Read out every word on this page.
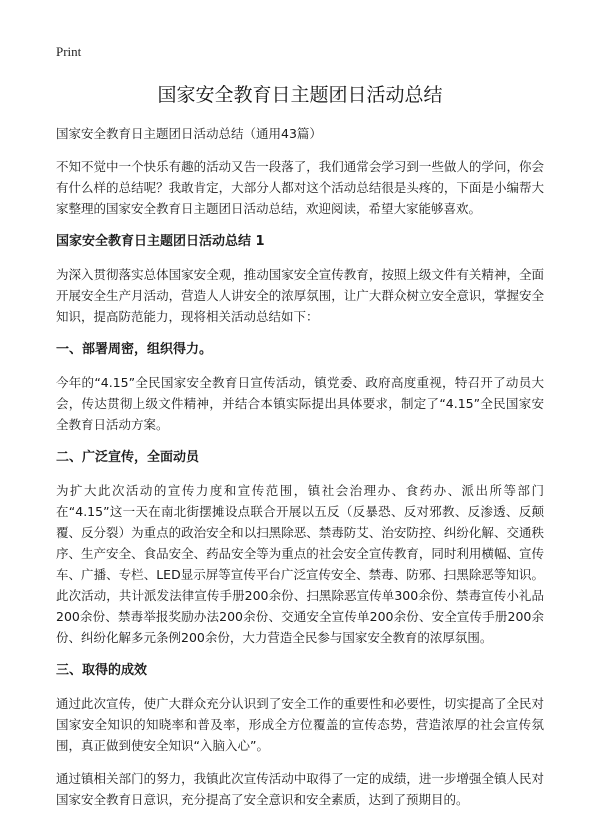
Print
国家安全教育日主题团日活动总结

国家安全教育日主题团日活动总结（通用43篇）

不知不觉中一个快乐有趣的活动又告一段落了，我们通常会学习到一些做人的学问，你会有什么样的总结呢？我敢肯定，大部分人都对这个活动总结很是头疼的，下面是小编帮大家整理的国家安全教育日主题团日活动总结，欢迎阅读，希望大家能够喜欢。

国家安全教育日主题团日活动总结 1

为深入贯彻落实总体国家安全观，推动国家安全宣传教育，按照上级文件有关精神，全面开展安全生产月活动，营造人人讲安全的浓厚氛围，让广大群众树立安全意识，掌握安全知识，提高防范能力，现将相关活动总结如下：

一、部署周密，组织得力。

今年的“4.15”全民国家安全教育日宣传活动，镇党委、政府高度重视，特召开了动员大会，传达贯彻上级文件精神，并结合本镇实际提出具体要求，制定了“4.15”全民国家安全教育日活动方案。

二、广泛宣传，全面动员

为扩大此次活动的宣传力度和宣传范围，镇社会治理办、食药办、派出所等部门在“4.15”这一天在南北街摆摊设点联合开展以五反（反暴恐、反对邪教、反渗透、反颠覆、反分裂）为重点的政治安全和以扫黑除恶、禁毒防艾、治安防控、纠纷化解、交通秩序、生产安全、食品安全、药品安全等为重点的社会安全宣传教育，同时利用横幅、宣传车、广播、专栏、LED显示屏等宣传平台广泛宣传安全、禁毒、防邪、扫黑除恶等知识。此次活动，共计派发法律宣传手册200余份、扫黑除恶宣传单300余份、禁毒宣传小礼品200余份、禁毒举报奖励办法200余份、交通安全宣传单200余份、安全宣传手册200余份、纠纷化解多元条例200余份，大力营造全民参与国家安全教育的浓厚氛围。

三、取得的成效

通过此次宣传，使广大群众充分认识到了安全工作的重要性和必要性，切实提高了全民对国家安全知识的知晓率和普及率，形成全方位覆盖的宣传态势，营造浓厚的社会宣传氛围，真正做到使安全知识“入脑入心”。

通过镇相关部门的努力，我镇此次宣传活动中取得了一定的成绩，进一步增强全镇人民对国家安全教育日意识，充分提高了安全意识和安全素质，达到了预期目的。
